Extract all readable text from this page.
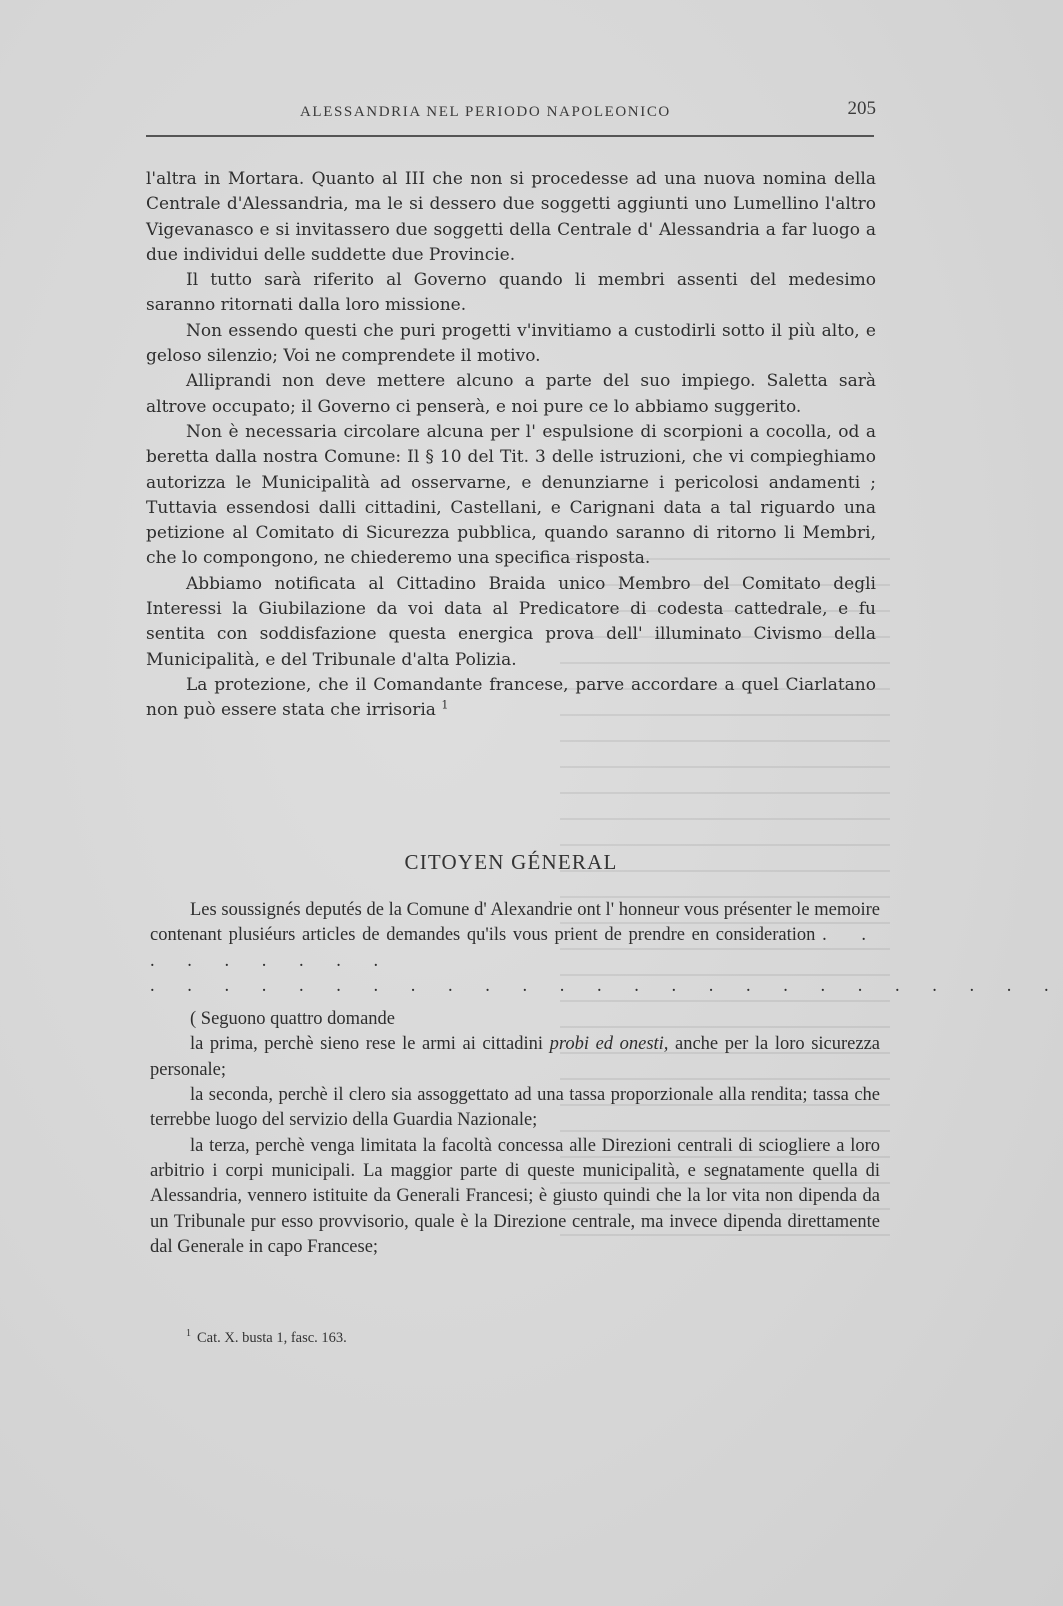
ALESSANDRIA NEL PERIODO NAPOLEONICO	205

l'altra in Mortara. Quanto al III che non si procedesse ad una nuova nomina della Centrale d'Alessandria, ma le si dessero due soggetti aggiunti uno Lumellino l'altro Vigevanasco e si invitassero due soggetti della Centrale d' Alessandria a far luogo a due individui delle suddette due Provincie.

Il tutto sarà riferito al Governo quando li membri assenti del medesimo saranno ritornati dalla loro missione.

Non essendo questi che puri progetti v'invitiamo a custodirli sotto il più alto, e geloso silenzio; Voi ne comprendete il motivo.

Alliprandi non deve mettere alcuno a parte del suo impiego. Saletta sarà altrove occupato; il Governo ci penserà, e noi pure ce lo abbiamo suggerito.

Non è necessaria circolare alcuna per l' espulsione di scorpioni a cocolla, od a beretta dalla nostra Comune: Il § 10 del Tit. 3 delle istruzioni, che vi compieghiamo autorizza le Municipalità ad osservarne, e denunziarne i pericolosi andamenti ; Tuttavia essendosi dalli cittadini, Castellani, e Carignani data a tal riguardo una petizione al Comitato di Sicurezza pubblica, quando saranno di ritorno li Membri, che lo compongono, ne chiederemo una specifica risposta.

Abbiamo notificata al Cittadino Braida unico Membro del Comitato degli Interessi la Giubilazione da voi data al Predicatore di codesta cattedrale, e fu sentita con soddisfazione questa energica prova dell' illuminato Civismo della Municipalità, e del Tribunale d'alta Polizia.

La protezione, che il Comandante francese, parve accordare a quel Ciarlatano non può essere stata che irrisoria $^1$

CITOYEN GÉNERAL

Les soussignés deputés de la Comune d' Alexandrie ont l' honneur vous présenter le memoire contenant plusiéurs articles de demandes qu'ils vous prient de prendre en consideration . . . . . . . . .

. . . . . . . . . . . . . . . . . . . . . . . . .

( Seguono quattro domande

la prima, perchè sieno rese le armi ai cittadini probi ed onesti, anche per la loro sicurezza personale;

la seconda, perchè il clero sia assoggettato ad una tassa proporzionale alla rendita; tassa che terrebbe luogo del servizio della Guardia Nazionale;

la terza, perchè venga limitata la facoltà concessa alle Direzioni centrali di sciogliere a loro arbitrio i corpi municipali. La maggior parte di queste municipalità, e segnatamente quella di Alessandria, vennero istituite da Generali Francesi; è giusto quindi che la lor vita non dipenda da un Tribunale pur esso provvisorio, quale è la Direzione centrale, ma invece dipenda direttamente dal Generale in capo Francese;

$^1$ Cat. X. busta 1, fasc. 163.
